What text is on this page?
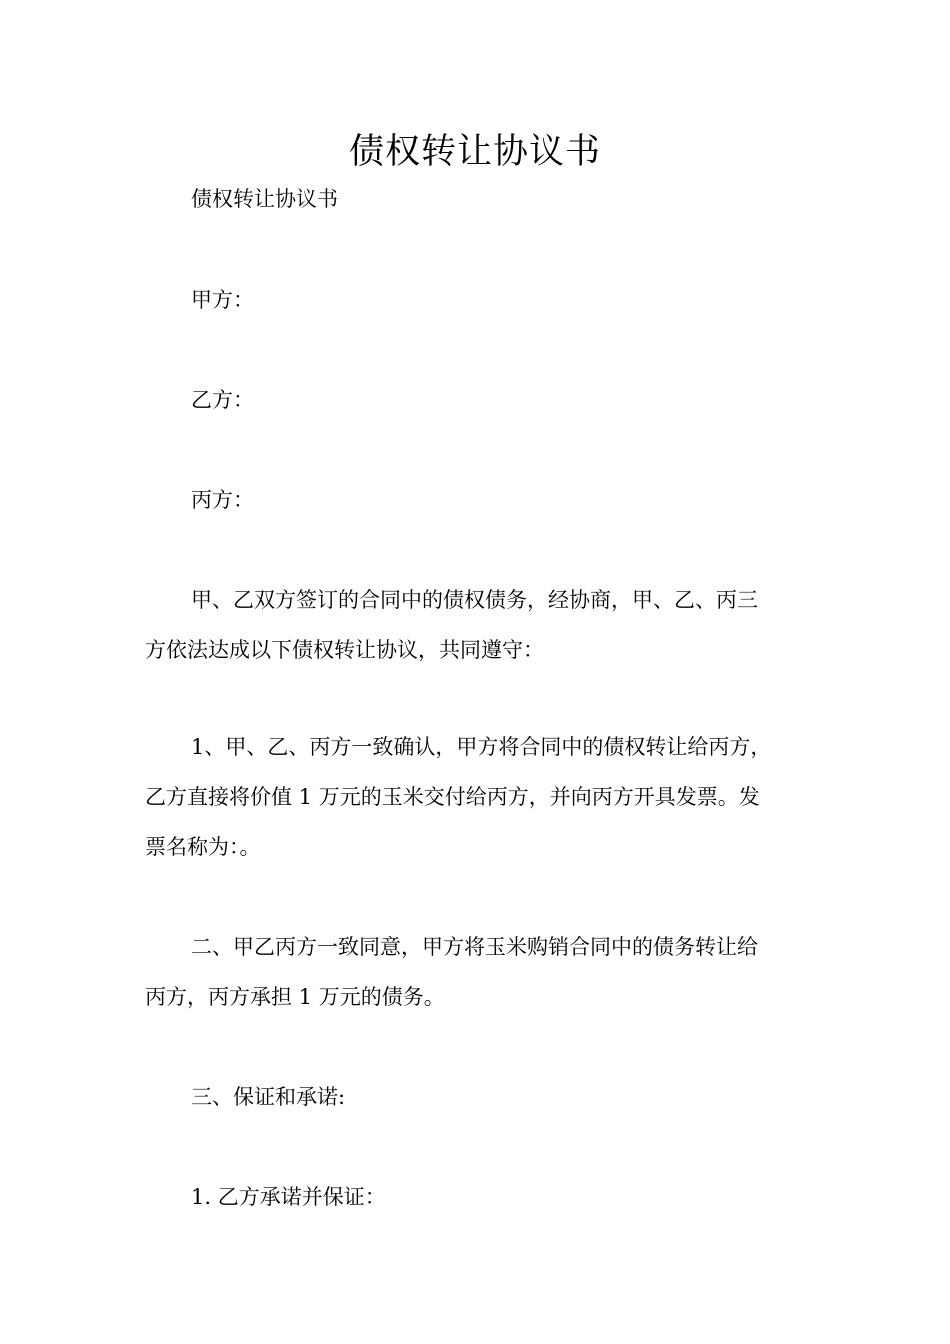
债权转让协议书

债权转让协议书

甲方：

乙方：

丙方：

甲、乙双方签订的合同中的债权债务，经协商，甲、乙、丙三
方依法达成以下债权转让协议，共同遵守：

1、甲、乙、丙方一致确认，甲方将合同中的债权转让给丙方，
乙方直接将价值 1 万元的玉米交付给丙方，并向丙方开具发票。发
票名称为：。

二、甲乙丙方一致同意，甲方将玉米购销合同中的债务转让给
丙方，丙方承担 1 万元的债务。

三、保证和承诺:

1. 乙方承诺并保证：
